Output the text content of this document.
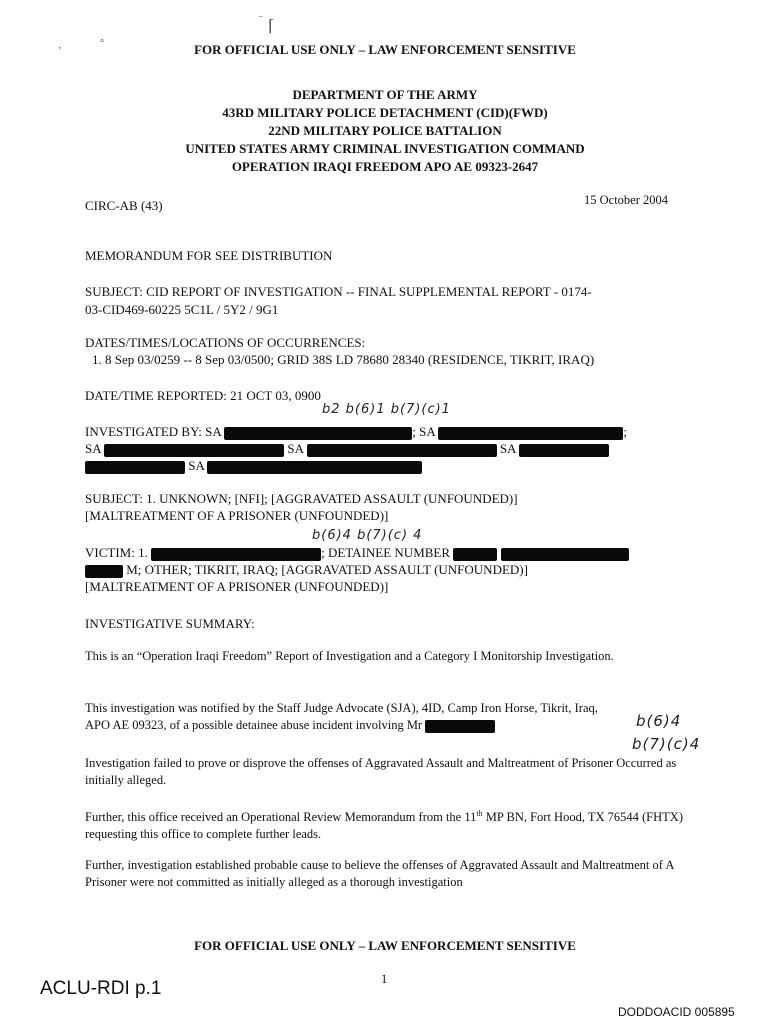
‚	°
⁻ ⌈
FOR OFFICIAL USE ONLY – LAW ENFORCEMENT SENSITIVE
DEPARTMENT OF THE ARMY
43RD MILITARY POLICE DETACHMENT (CID)(FWD)
22ND MILITARY POLICE BATTALION
UNITED STATES ARMY CRIMINAL INVESTIGATION COMMAND
OPERATION IRAQI FREEDOM APO AE 09323-2647
CIRC-AB (43)	15 October 2004
MEMORANDUM FOR SEE DISTRIBUTION
SUBJECT: CID REPORT OF INVESTIGATION -- FINAL SUPPLEMENTAL REPORT - 0174-
03-CID469-60225 5C1L / 5Y2 / 9G1
DATES/TIMES/LOCATIONS OF OCCURRENCES:
1. 8 Sep 03/0259 -- 8 Sep 03/0500; GRID 38S LD 78680 28340 (RESIDENCE, TIKRIT, IRAQ)
DATE/TIME REPORTED: 21 OCT 03, 0900
b2 b(6)1 b(7)(c)1
INVESTIGATED BY: SA	; SA	;
SA	SA	SA
SA
SUBJECT: 1. UNKNOWN; [NFI]; [AGGRAVATED ASSAULT (UNFOUNDED)]
[MALTREATMENT OF A PRISONER (UNFOUNDED)]
b(6)4 b(7)(c) 4
VICTIM: 1.	; DETAINEE NUMBER
M; OTHER; TIKRIT, IRAQ; [AGGRAVATED ASSAULT (UNFOUNDED)]
[MALTREATMENT OF A PRISONER (UNFOUNDED)]
INVESTIGATIVE SUMMARY:
This is an “Operation Iraqi Freedom” Report of Investigation and a Category I Monitorship Investigation.
This investigation was notified by the Staff Judge Advocate (SJA), 4ID, Camp Iron Horse, Tikrit, Iraq, APO AE 09323, of a possible detainee abuse incident involving Mr	b(6)4
b(7)(c)4
Investigation failed to prove or disprove the offenses of Aggravated Assault and Maltreatment of Prisoner Occurred as initially alleged.
Further, this office received an Operational Review Memorandum from the 11th MP BN, Fort Hood, TX 76544 (FHTX) requesting this office to complete further leads.
Further, investigation established probable cause to believe the offenses of Aggravated Assault and Maltreatment of A Prisoner were not committed as initially alleged as a thorough investigation
FOR OFFICIAL USE ONLY – LAW ENFORCEMENT SENSITIVE
1
ACLU-RDI p.1
DODDOACID 005895
